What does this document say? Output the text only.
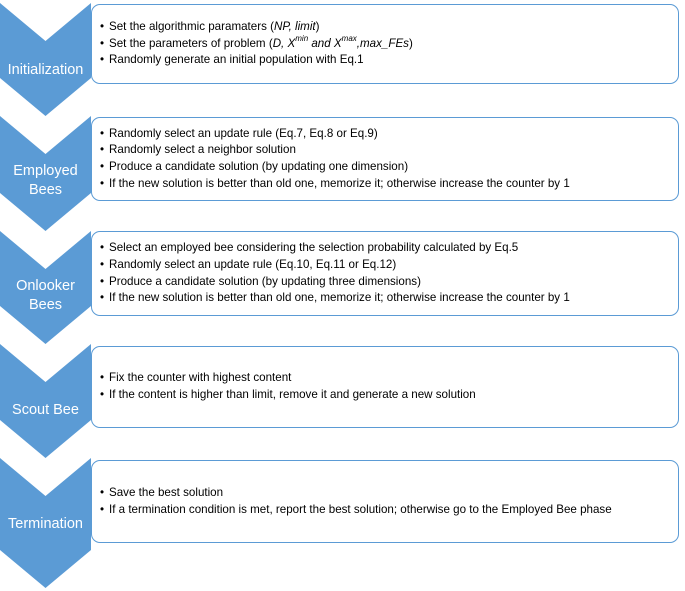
Initialization
• Set the algorithmic paramaters (NP, limit)
• Set the parameters of problem (D, $X^{min}$ and $X^{max},\max\_FEs$)
• Randomly generate an initial population with Eq.1
Employed Bees
• Randomly select an update rule (Eq.7, Eq.8 or Eq.9)
• Randomly select a neighbor solution
• Produce a candidate solution (by updating one dimension)
• If the new solution is better than old one, memorize it; otherwise increase the counter by 1
Onlooker Bees
• Select an employed bee considering the selection probability calculated by Eq.5
• Randomly select an update rule (Eq.10, Eq.11 or Eq.12)
• Produce a candidate solution (by updating three dimensions)
• If the new solution is better than old one, memorize it; otherwise increase the counter by 1
Scout Bee
• Fix the counter with highest content
• If the content is higher than limit, remove it and generate a new solution
Termination
• Save the best solution
• If a termination condition is met, report the best solution; otherwise go to the Employed Bee phase
